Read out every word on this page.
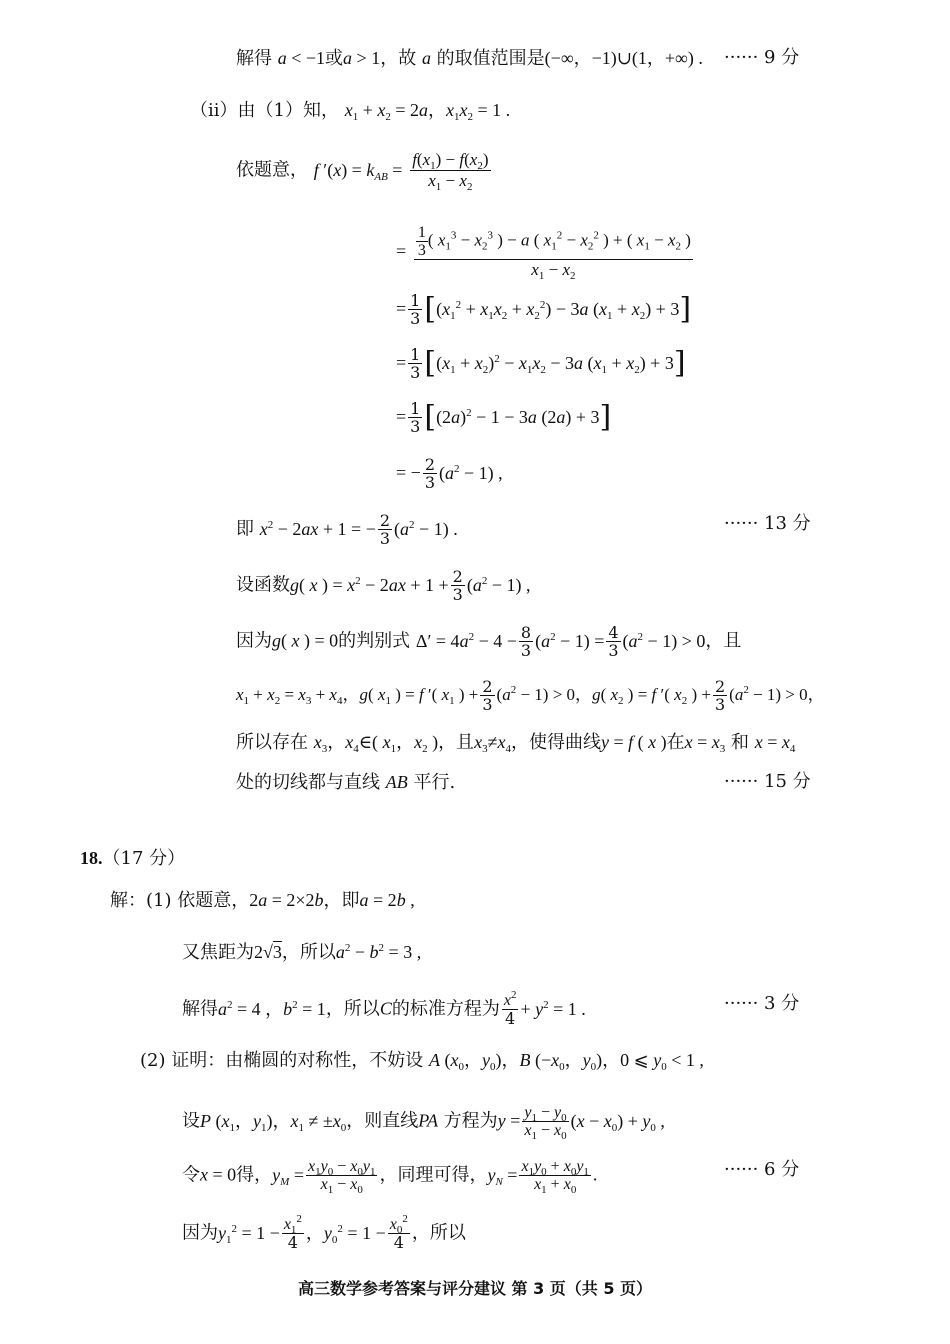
解得 a < −1或a > 1，故 a 的取值范围是(−∞，−1)∪(1，+∞) . ······ 9 分
（ⅱ）由（1）知， $x_1 + x_2 = 2a$，$x_1x_2 = 1$ .
依题意， f $'(x) = k_{AB} = \frac{f(x_1) - f(x_2)}{x_1 - x_2}$
= $\frac{\frac{1}{3} ( x_1^3 - x_2^3 ) - a ( x_1^2 - x_2^2 ) + ( x_1 - x_2 )}{x_1 - x_2}$
= $\frac{1}{3} [(x_1^2 + x_1x_2 + x_2^2) - 3a$ $(x_1 + x_2) + 3$]
= $\frac{1}{3} [(x_1 + x_2)^2 - x_1x_2 - 3a$ $(x_1 + x_2) + 3$]
= $\frac{1}{3} [(2a)^2 - 1 - 3a$ (2a) + 3]
= − $\frac{2}{3} (a^2 - 1)$ ,
即 $x^2 - 2ax + 1$ = − $\frac{2}{3} (a^2 - 1)$ .	······ 13 分
设函数g( x ) = $x^2 - 2ax + 1 + \frac{2}{3} (a^2 - 1)$ ,
因为g( x ) = 0的判别式 $\Delta' = 4a^2 - 4 - \frac{8}{3} (a^2 - 1) = \frac{4}{3} (a^2 - 1) > 0$，且
$x_1 + x_2 = x_3 + x_4$，g( $x_1$ ) = f ′( $x_1$ ) + $\frac{2}{3} (a^2 - 1) > 0$，g( $x_2$ ) = f ′( $x_2$ ) + $\frac{2}{3} (a^2 - 1) > 0$，
所以存在 $x_3$，$x_4\in$( $x_1$，$x_2$ )，且$x_3\ne x_4$，使得曲线y = f ( x )在$x = x_3$ 和 $x = x_4$
处的切线都与直线 AB 平行.	······ 15 分
18.（17 分）
解：(1) 依题意，2a = 2×2b，即a = 2b ,
又焦距为2√3，所以$a^2 - b^2 = 3$ ,
解得$a^2 = 4$ ，$b^2 = 1$，所以C的标准方程为 $\frac{x^2}{4} + y^2 = 1$ .	······ 3 分
(2) 证明：由椭圆的对称性，不妨设 A ($x_0$，$y_0$)，B ($-x_0$，$y_0$)，0 ⩽ $y_0 < 1$ ,
设P ($x_1$，$y_1$)，$x_1 \ne \pm x_0$，则直线PA 方程为$y = \frac{y_1 - y_0}{x_1 - x_0} (x - x_0) + y_0$ ,
令x = 0得，$y_M = \frac{x_1y_0 - x_0y_1}{x_1 - x_0}$ ，同理可得，$y_N = \frac{x_1y_0 + x_0y_1}{x_1 + x_0}$ .	······ 6 分
因为$y_1^2 = 1 - \frac{x_1^2}{4}$ ，$y_0^2 = 1 - \frac{x_0^2}{4}$ ，所以
高三数学参考答案与评分建议 第 3 页（共 5 页）
